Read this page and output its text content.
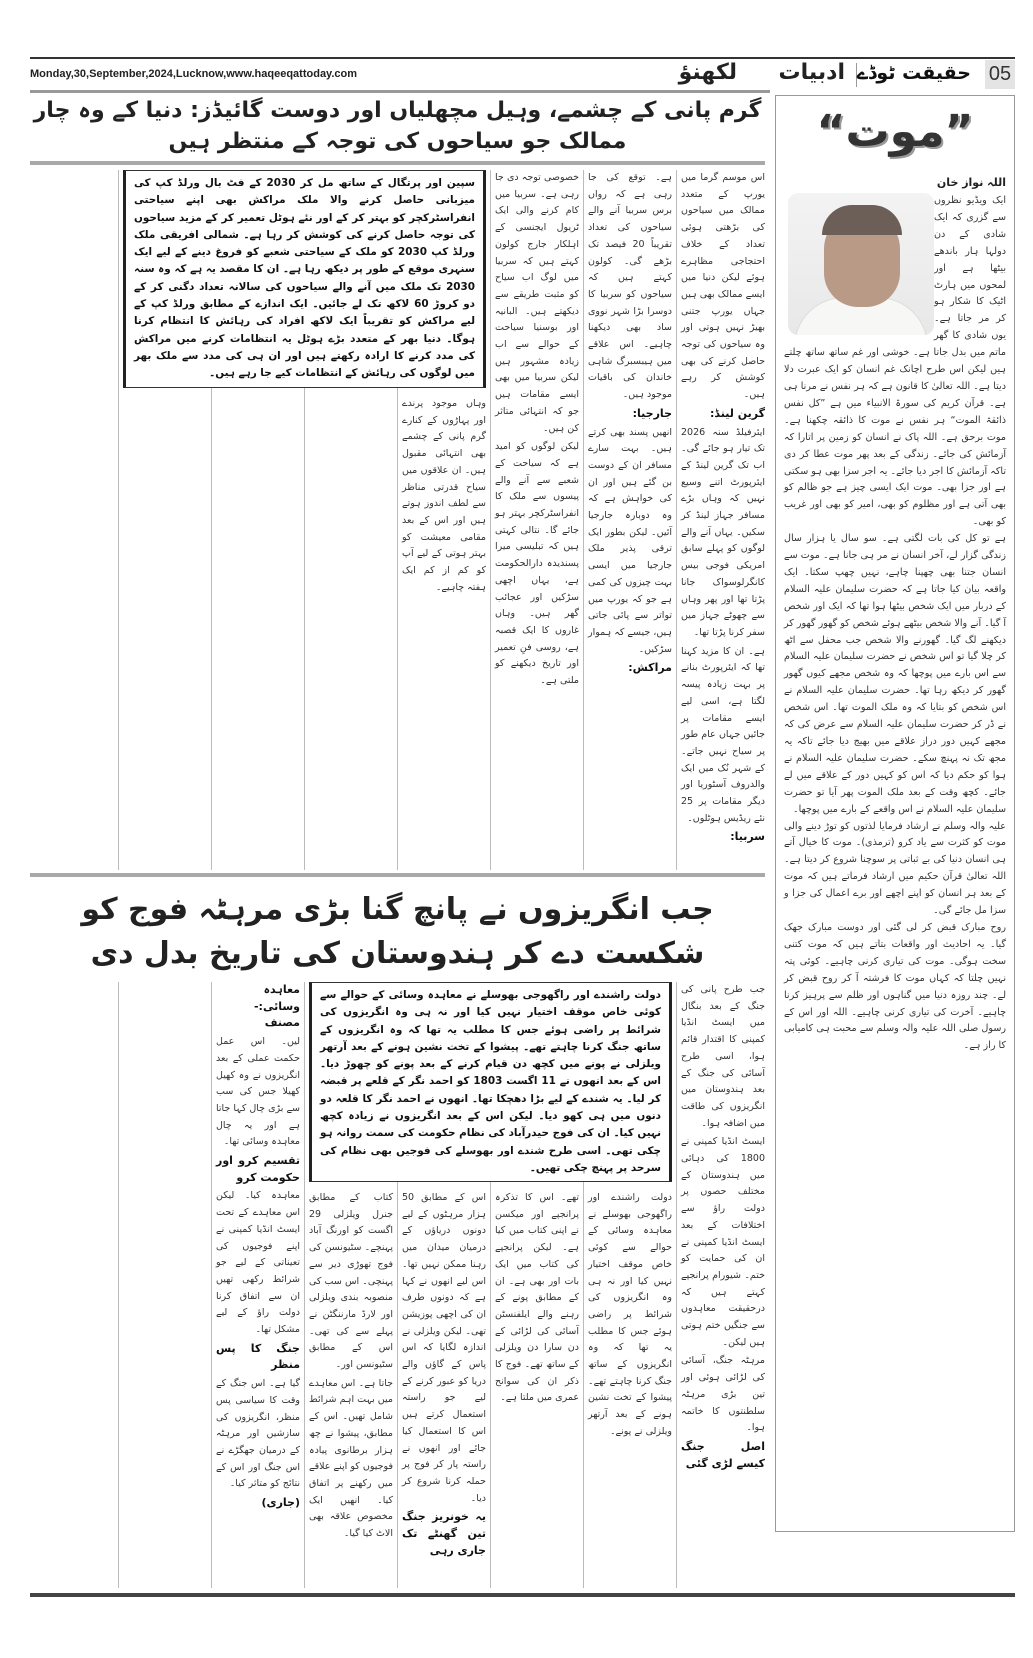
Monday,30,September,2024,Lucknow,www.haqeeqattoday.com	لکھنؤ ادبیات حقیقت ٹوڈے 05
گرم پانی کے چشمے، وہیل مچھلیاں اور دوست گائیڈز: دنیا کے وہ چار ممالک جو سیاحوں کی توجہ کے منتظر ہیں
سپین اور پرتگال کے ساتھ مل کر 2030 کے فٹ بال ورلڈ کپ کی میزبانی حاصل کرنے والا ملک مراکش بھی اپنے سیاحتی انفراسٹرکچر کو بہتر کر کے اور نئے ہوٹل تعمیر کر کے مزید سیاحوں کی توجہ حاصل کرنے کی کوشش کر رہا ہے۔ شمالی افریقی ملک ورلڈ کپ 2030 کو ملک کے سیاحتی شعبے کو فروغ دینے کے لیے ایک سنہری موقع کے طور پر دیکھ رہا ہے۔ ان کا مقصد یہ ہے کہ وہ سنہ 2030 تک ملک میں آنے والے سیاحوں کی سالانہ تعداد دگنی کر کے دو کروڑ 60 لاکھ تک لے جائیں۔ ایک اندازے کے مطابق ورلڈ کپ کے لیے مراکش کو تقریباً ایک لاکھ افراد کی رہائش کا انتظام کرنا ہوگا۔ دنیا بھر کے متعدد بڑے ہوٹل یہ انتظامات کرنے میں مراکش کی مدد کرنے کا ارادہ رکھتے ہیں اور ان ہی کی مدد سے ملک بھر میں لوگوں کی رہائش کے انتظامات کیے جا رہے ہیں۔

اس موسم گرما میں یورپ کے متعدد ممالک میں سیاحوں کی بڑھتی ہوئی تعداد کے خلاف احتجاجی مظاہرے ہوئے لیکن دنیا میں ایسے ممالک بھی ہیں جہاں یورپ جتنی بھیڑ نہیں ہوتی اور وہ سیاحوں کی توجہ حاصل کرنے کی بھی کوشش کر رہے ہیں۔

گرین لینڈ:

ایئرفیلڈ سنہ 2026 تک تیار ہو جائے گی۔ اب تک گرین لینڈ کے ایئرپورٹ اتنے وسیع نہیں کہ وہاں بڑے مسافر جہاز لینڈ کر سکیں۔ یہاں آنے والے لوگوں کو پہلے سابق امریکی فوجی بیس کانگرلوسواک جانا پڑتا تھا اور پھر وہاں سے چھوٹے جہاز میں سفر کرنا پڑتا تھا۔

ہے۔ ان کا مزید کہنا تھا کہ ایئرپورٹ بنانے پر بہت زیادہ پیسہ لگتا ہے، اسی لیے ایسے مقامات پر جائیں جہاں عام طور پر سیاح نہیں جاتے۔ کے شہر نُک میں ایک والدروف آسٹوریا اور دیگر مقامات پر 25 نئے ریڈیس ہوٹلوں۔

سربیا:

ہے۔ توقع کی جا رہی ہے کہ رواں برس سربیا آنے والے سیاحوں کی تعداد تقریباً 20 فیصد تک بڑھے گی۔ کولون کہتے ہیں کہ سیاحوں کو سربیا کا دوسرا بڑا شہر نووی ساد بھی دیکھنا چاہیے۔ اس علاقے میں ہیبسبرگ شاہی خاندان کی باقیات موجود ہیں۔

جارجیا:

انھیں پسند بھی کرتے ہیں۔ بہت سارے مسافر ان کے دوست بن گئے ہیں اور ان کی خواہش ہے کہ وہ دوبارہ جارجیا آئیں۔ لیکن بطور ایک ترقی پذیر ملک جارجیا میں ایسی بہت چیزوں کی کمی ہے جو کہ یورپ میں تواتر سے پائی جاتی ہیں، جیسے کہ ہموار سڑکیں۔

مراکش:

خصوصی توجہ دی جا رہی ہے۔ سربیا میں کام کرنے والی ایک ٹریول ایجنسی کے اہلکار جارج کولون کہتے ہیں کہ سربیا میں لوگ اب سیاح کو مثبت طریقے سے دیکھتے ہیں۔ البانیہ اور بوسنیا سیاحت کے حوالے سے اب زیادہ مشہور ہیں لیکن سربیا میں بھی ایسے مقامات ہیں جو کہ انتہائی متاثر کن ہیں۔

لیکن لوگوں کو امید ہے کہ سیاحت کے شعبے سے آنے والے پیسوں سے ملک کا انفراسٹرکچر بہتر ہو جائے گا۔ نتالی کہتی ہیں کہ تبلیسی میرا پسندیدہ دارالحکومت ہے، یہاں اچھی سڑکیں اور عجائب گھر ہیں۔ وہاں غاروں کا ایک قصبہ ہے، روسی فنِ تعمیر اور تاریخ دیکھنے کو ملتی ہے۔

وہاں موجود پرندے اور پہاڑوں کے کنارے گرم پانی کے چشمے بھی انتہائی مقبول ہیں۔ ان علاقوں میں سیاح قدرتی مناظر سے لطف اندوز ہوتے ہیں اور اس کے بعد مقامی معیشت کو بہتر ہوتی کے لیے آپ کو کم از کم ایک ہفتہ چاہیے۔

جب انگریزوں نے پانچ گنا بڑی مرہٹہ فوج کو شکست دے کر ہندوستان کی تاریخ بدل دی
دولت راشندے اور راگھوجی بھوسلے نے معاہدہ وسائی کے حوالے سے کوئی خاص موقف اختیار نہیں کیا اور نہ ہی وہ انگریزوں کی شرائط پر راضی ہوئے جس کا مطلب یہ تھا کہ وہ انگریزوں کے ساتھ جنگ کرنا چاہتے تھے۔ پیشوا کے تخت نشین ہونے کے بعد آرتھر ویلزلی نے پونے میں کچھ دن قیام کرنے کے بعد پونے کو چھوڑ دیا۔ اس کے بعد انھوں نے 11 اگست 1803 کو احمد نگر کے قلعے پر قبضہ کر لیا۔ یہ شندے کے لیے بڑا دھچکا تھا۔ انھوں نے احمد نگر کا قلعہ دو دنوں میں ہی کھو دیا۔ لیکن اس کے بعد انگریزوں نے زیادہ کچھ نہیں کیا۔ ان کی فوج حیدرآباد کی نظام حکومت کی سمت روانہ ہو چکی تھی۔ اسی طرح شندے اور بھوسلے کی فوجیں بھی نظام کی سرحد پر پہنچ چکی تھیں۔

جب طرح پانی کی جنگ کے بعد بنگال میں ایسٹ انڈیا کمپنی کا اقتدار قائم ہوا، اسی طرح آسائی کی جنگ کے بعد ہندوستان میں انگریزوں کی طاقت میں اضافہ ہوا۔

ایسٹ انڈیا کمپنی نے 1800 کی دہائی میں ہندوستان کے مختلف حصوں پر دولت راؤ سے اختلافات کے بعد ایسٹ انڈیا کمپنی نے ان کی حمایت کو ختم۔ شیورام پرانجپے کہتے ہیں کہ درحقیقت معاہدوں سے جنگیں ختم ہوتی ہیں لیکن۔

مرہٹہ جنگ، آسائی کی لڑائی ہوئی اور تین بڑی مرہٹہ سلطنتوں کا خاتمہ ہوا۔

اصل جنگ کیسے لڑی گئی

دولت راشندے اور راگھوجی بھوسلے نے معاہدہ وسائی کے حوالے سے کوئی خاص موقف اختیار نہیں کیا اور نہ ہی وہ انگریزوں کی شرائط پر راضی ہوئے جس کا مطلب یہ تھا کہ وہ انگریزوں کے ساتھ جنگ کرنا چاہتے تھے۔ پیشوا کے تخت نشین ہونے کے بعد آرتھر ویلزلی نے پونے۔

تھے۔ اس کا تذکرہ پرانجپے اور میکسن نے اپنی کتاب میں کیا ہے۔ لیکن پرانجپے کی کتاب میں ایک بات اور بھی ہے۔ ان کے مطابق پونے کے رہنے والے ایلفنسٹن آسائی کی لڑائی کے دن سارا دن ویلزلی کے ساتھ تھے۔ فوج کا ذکر ان کی سوانح عمری میں ملتا ہے۔

اس کے مطابق 50 ہزار مرہٹوں کے لیے دونوں دریاؤں کے درمیان میدان میں رہنا ممکن نہیں تھا۔ اس لیے انھوں نے کہا ہے کہ دونوں طرف ان کی اچھی پوزیشن تھی۔ لیکن ویلزلی نے اندازہ لگایا کہ اس پاس کے گاؤں والے دریا کو عبور کرنے کے لیے جو راستہ استعمال کرتے ہیں اس کا استعمال کیا جائے اور انھوں نے راستہ پار کر فوج پر حملہ کرنا شروع کر دیا۔

یہ خونریز جنگ تین گھنٹے تک جاری رہی

کتاب کے مطابق جنرل ویلزلی 29 اگست کو اورنگ آباد پہنچے۔ سٹیونسن کی فوج تھوڑی دیر سے پہنچی۔ اس سب کی منصوبہ بندی ویلزلی اور لارڈ مارننگٹن نے پہلے سے کی تھی۔ اس کے مطابق سٹیونسن اور۔

جاتا ہے۔ اس معاہدے میں بہت اہم شرائط شامل تھیں۔ اس کے مطابق، پیشوا نے چھ ہزار برطانوی پیادہ فوجیوں کو اپنے علاقے میں رکھنے پر اتفاق کیا۔ انھیں ایک مخصوص علاقہ بھی الاٹ کیا گیا۔

معاہدہ وسائی:- مصنف

لیں۔ اس عمل حکمت عملی کے بعد انگریزوں نے وہ کھیل کھیلا جس کی سب سے بڑی چال کہا جاتا ہے اور یہ چال معاہدہ وسائی تھا۔

تقسیم کرو اور حکومت کرو

معاہدہ کیا۔ لیکن اس معاہدے کے تحت ایسٹ انڈیا کمپنی نے اپنے فوجیوں کی تعیناتی کے لیے جو شرائط رکھی تھیں ان سے اتفاق کرنا دولت راؤ کے لیے مشکل تھا۔

جنگ کا پس منظر

گیا ہے۔ اس جنگ کے وقت کا سیاسی پس منظر، انگریزوں کی سازشیں اور مرہٹہ کے درمیان جھگڑے نے اس جنگ اور اس کے نتائج کو متاثر کیا۔

(جاری)

”موت“
اللہ نواز خان

ایک ویڈیو نظروں سے گزری کہ ایک شادی کے دن دولہا ہار باندھے بیٹھا ہے اور لمحوں میں ہارٹ اٹیک کا شکار ہو کر مر جاتا ہے۔ یوں شادی کا گھر ماتم میں بدل جاتا ہے۔ خوشی اور غم ساتھ ساتھ چلتے ہیں لیکن اس طرح اچانک غم انسان کو ایک عبرت دلا دیتا ہے۔ اللہ تعالیٰ کا قانون ہے کہ ہر نفس نے مرنا ہی ہے۔ قرآن کریم کی سورۃ الانبیاء میں ہے ”کل نفس ذائقۃ الموت“ ہر نفس نے موت کا ذائقہ چکھنا ہے۔ موت برحق ہے۔ اللہ پاک نے انسان کو زمین پر اتارا کہ آزمائش کی جائے۔ زندگی کے بعد پھر موت عطا کر دی تاکہ آزمائش کا اجر دیا جائے۔ یہ اجر سزا بھی ہو سکتی ہے اور جزا بھی۔ موت ایک ایسی چیز ہے جو ظالم کو بھی آتی ہے اور مظلوم کو بھی، امیر کو بھی اور غریب کو بھی۔

ہے تو کل کی بات لگتی ہے۔ سو سال یا ہزار سال زندگی گزار لے، آخر انسان نے مر ہی جانا ہے۔ موت سے انسان جتنا بھی چھپنا چاہے، نہیں چھپ سکتا۔ ایک واقعہ بیان کیا جاتا ہے کہ حضرت سلیمان علیہ السلام کے دربار میں ایک شخص بیٹھا ہوا تھا کہ ایک اور شخص آ گیا۔ آنے والا شخص بیٹھے ہوئے شخص کو گھور گھور کر دیکھنے لگ گیا۔ گھورنے والا شخص جب محفل سے اٹھ کر چلا گیا تو اس شخص نے حضرت سلیمان علیہ السلام سے اس بارے میں پوچھا کہ وہ شخص مجھے کیوں گھور گھور کر دیکھ رہا تھا۔ حضرت سلیمان علیہ السلام نے اس شخص کو بتایا کہ وہ ملک الموت تھا۔ اس شخص نے ڈر کر حضرت سلیمان علیہ السلام سے عرض کی کہ مجھے کہیں دور دراز علاقے میں بھیج دیا جائے تاکہ یہ مجھ تک نہ پہنچ سکے۔ حضرت سلیمان علیہ السلام نے ہوا کو حکم دیا کہ اس کو کہیں دور کے علاقے میں لے جائے۔ کچھ وقت کے بعد ملک الموت پھر آیا تو حضرت سلیمان علیہ السلام نے اس واقعے کے بارے میں پوچھا۔

علیہ والہ وسلم نے ارشاد فرمایا لذتوں کو توڑ دینے والی موت کو کثرت سے یاد کرو (ترمذی)۔ موت کا خیال آتے ہی انسان دنیا کی بے ثباتی پر سوچنا شروع کر دیتا ہے۔ اللہ تعالیٰ قرآن حکیم میں ارشاد فرماتے ہیں کہ موت کے بعد ہر انسان کو اپنے اچھے اور برے اعمال کی جزا و سزا مل جائے گی۔

روح مبارک قبض کر لی گئی اور دوست مبارک جھک گیا۔ یہ احادیث اور واقعات بتاتے ہیں کہ موت کتنی سخت ہوگی۔ موت کی تیاری کرنی چاہیے۔ کوئی پتہ نہیں چلتا کہ کہاں موت کا فرشتہ آ کر روح قبض کر لے۔ چند روزہ دنیا میں گناہوں اور ظلم سے پرہیز کرنا چاہیے۔ آخرت کی تیاری کرنی چاہیے۔ اللہ اور اس کے رسول صلی اللہ علیہ والہ وسلم سے محبت ہی کامیابی کا راز ہے۔
